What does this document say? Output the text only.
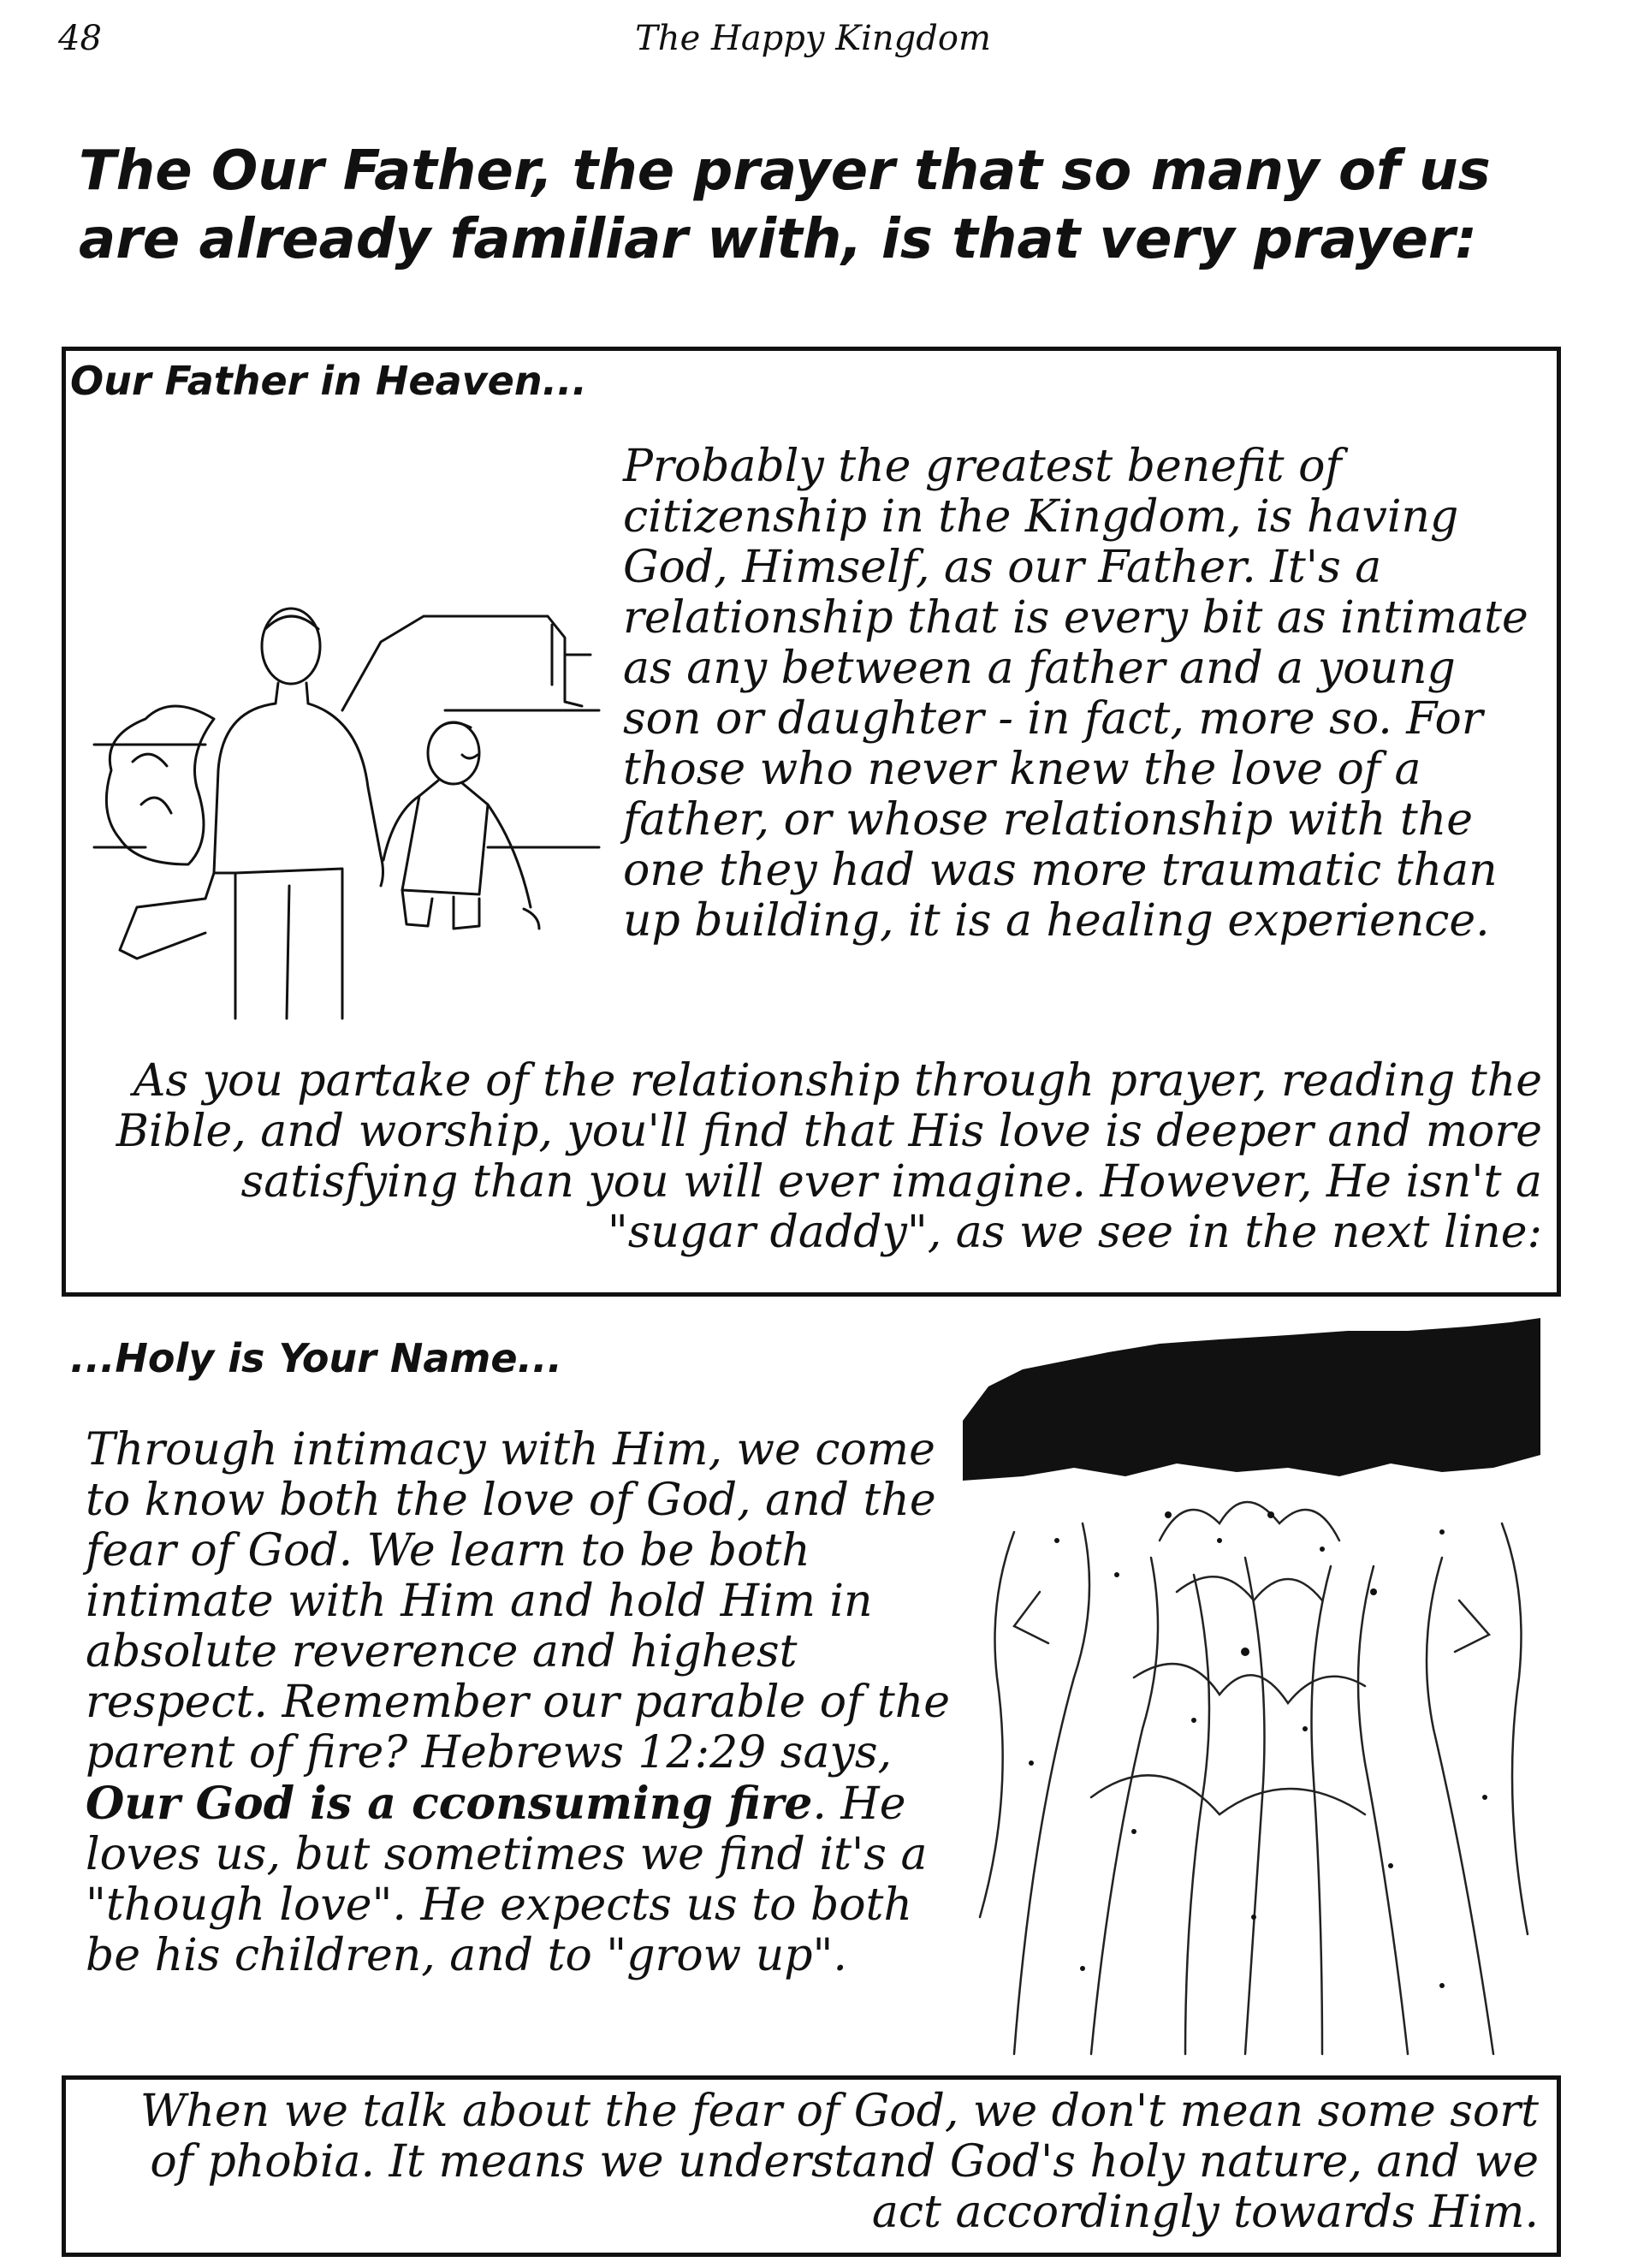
48	The Happy Kingdom
The Our Father, the prayer that so many of us are already familiar with, is that very prayer:
Our Father in Heaven...
Probably the greatest benefit of citizenship in the Kingdom, is having God, Himself, as our Father. It's a relationship that is every bit as intimate as any between a father and a young son or daughter - in fact, more so. For those who never knew the love of a father, or whose relationship with the one they had was more traumatic than up building, it is a healing experience.
As you partake of the relationship through prayer, reading the Bible, and worship, you'll find that His love is deeper and more satisfying than you will ever imagine. However, He isn't a "sugar daddy", as we see in the next line:
...Holy is Your Name...
Through intimacy with Him, we come to know both the love of God, and the fear of God. We learn to be both intimate with Him and hold Him in absolute reverence and highest respect. Remember our parable of the parent of fire? Hebrews 12:29 says, Our God is a cconsuming fire. He loves us, but sometimes we find it's a "though love". He expects us to both be his children, and to "grow up".
When we talk about the fear of God, we don't mean some sort of phobia. It means we understand God's holy nature, and we act accordingly towards Him.
